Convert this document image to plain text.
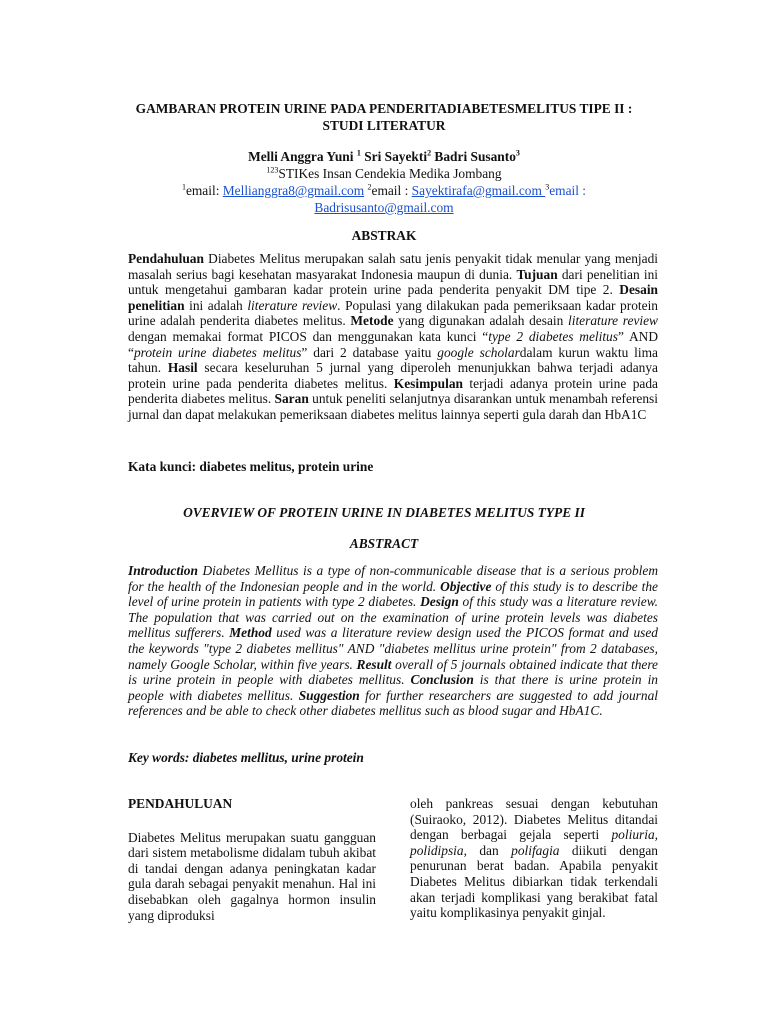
GAMBARAN PROTEIN URINE PADA PENDERITADIABETESMELITUS TIPE II :
STUDI LITERATUR
Melli Anggra Yuni $^1$ Sri Sayekti$^2$ Badri Susanto$^3$
$^{123}$STIKes Insan Cendekia Medika Jombang
$^1$email: Mellianggra8@gmail.com $^2$email : Sayektirafa@gmail.com $^3$email :
Badrisusanto@gmail.com
ABSTRAK
Pendahuluan Diabetes Melitus merupakan salah satu jenis penyakit tidak menular yang menjadi masalah serius bagi kesehatan masyarakat Indonesia maupun di dunia. Tujuan dari penelitian ini untuk mengetahui gambaran kadar protein urine pada penderita penyakit DM tipe 2. Desain penelitian ini adalah literature review. Populasi yang dilakukan pada pemeriksaan kadar protein urine adalah penderita diabetes melitus. Metode yang digunakan adalah desain literature review dengan memakai format PICOS dan menggunakan kata kunci “type 2 diabetes melitus” AND “protein urine diabetes melitus” dari 2 database yaitu google scholardalam kurun waktu lima tahun. Hasil secara keseluruhan 5 jurnal yang diperoleh menunjukkan bahwa terjadi adanya protein urine pada penderita diabetes melitus. Kesimpulan terjadi adanya protein urine pada penderita diabetes melitus. Saran untuk peneliti selanjutnya disarankan untuk menambah referensi jurnal dan dapat melakukan pemeriksaan diabetes melitus lainnya seperti gula darah dan HbA1C
Kata kunci: diabetes melitus, protein urine
OVERVIEW OF PROTEIN URINE IN DIABETES MELITUS TYPE II
ABSTRACT
Introduction Diabetes Mellitus is a type of non-communicable disease that is a serious problem for the health of the Indonesian people and in the world. Objective of this study is to describe the level of urine protein in patients with type 2 diabetes. Design of this study was a literature review. The population that was carried out on the examination of urine protein levels was diabetes mellitus sufferers. Method used was a literature review design used the PICOS format and used the keywords "type 2 diabetes mellitus" AND "diabetes mellitus urine protein" from 2 databases, namely Google Scholar, within five years. Result overall of 5 journals obtained indicate that there is urine protein in people with diabetes mellitus. Conclusion is that there is urine protein in people with diabetes mellitus. Suggestion for further researchers are suggested to add journal references and be able to check other diabetes mellitus such as blood sugar and HbA1C.
Key words: diabetes mellitus, urine protein
PENDAHULUAN
Diabetes Melitus merupakan suatu gangguan dari sistem metabolisme didalam tubuh akibat di tandai dengan adanya peningkatan kadar gula darah sebagai penyakit menahun. Hal ini disebabkan oleh gagalnya hormon insulin yang diproduksi
oleh pankreas sesuai dengan kebutuhan (Suiraoko, 2012). Diabetes Melitus ditandai dengan berbagai gejala seperti poliuria, polidipsia, dan polifagia diikuti dengan penurunan berat badan. Apabila penyakit Diabetes Melitus dibiarkan tidak terkendali akan terjadi komplikasi yang berakibat fatal yaitu komplikasinya penyakit ginjal.
